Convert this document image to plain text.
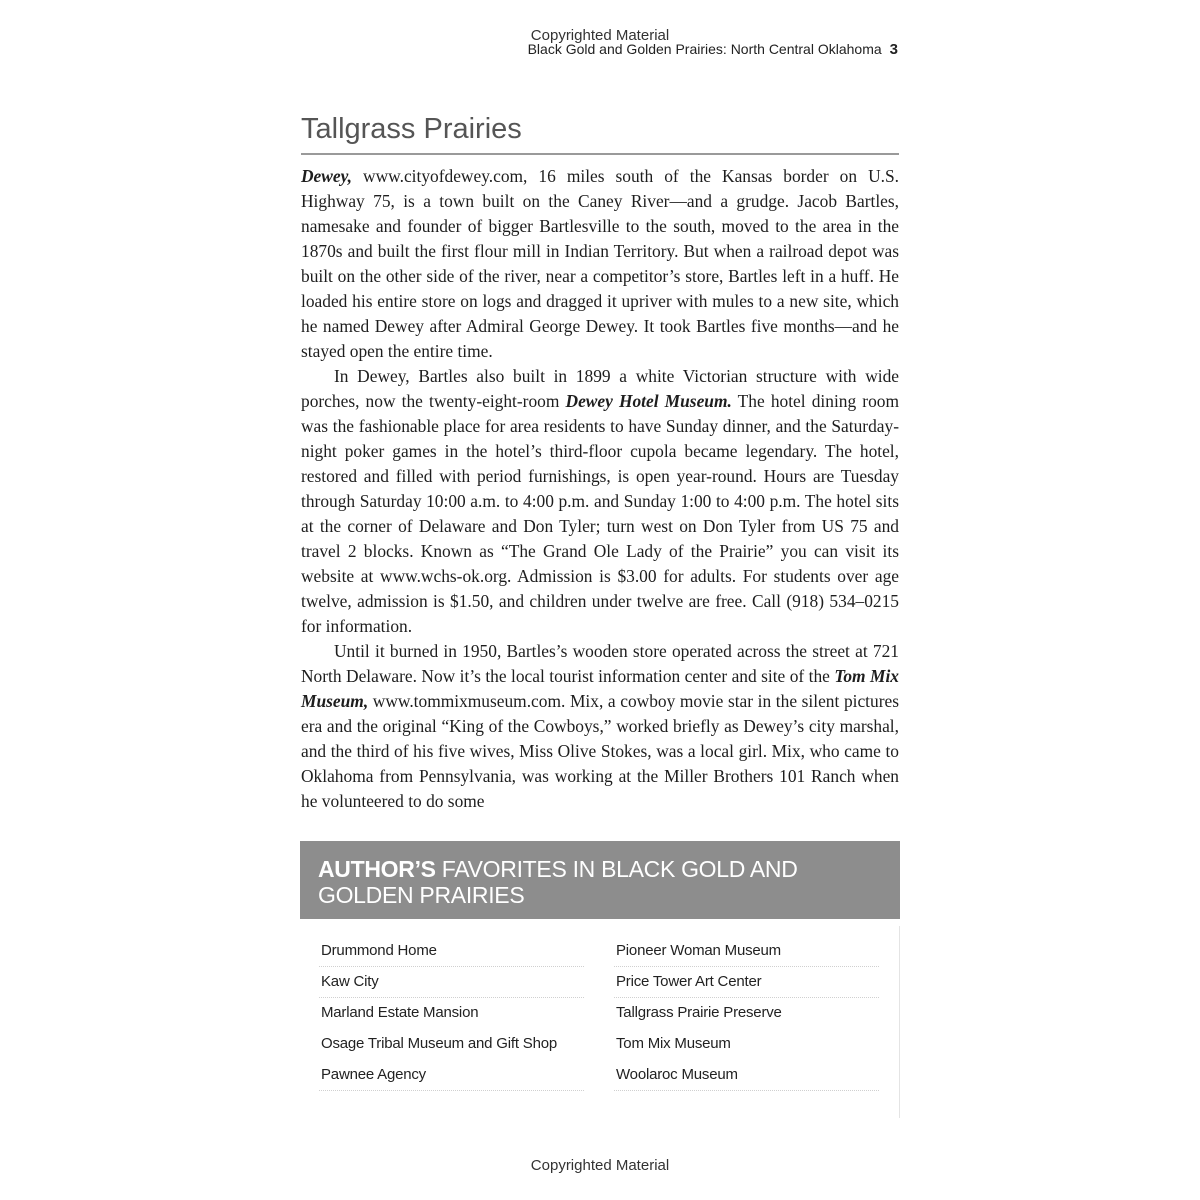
Copyrighted Material
Black Gold and Golden Prairies: North Central Oklahoma 3
Tallgrass Prairies

Dewey, www.cityofdewey.com, 16 miles south of the Kansas border on U.S. Highway 75, is a town built on the Caney River—and a grudge. Jacob Bartles, namesake and founder of bigger Bartlesville to the south, moved to the area in the 1870s and built the first flour mill in Indian Territory. But when a railroad depot was built on the other side of the river, near a competitor’s store, Bartles left in a huff. He loaded his entire store on logs and dragged it upriver with mules to a new site, which he named Dewey after Admiral George Dewey. It took Bartles five months—and he stayed open the entire time.

In Dewey, Bartles also built in 1899 a white Victorian structure with wide porches, now the twenty-eight-room Dewey Hotel Museum. The hotel dining room was the fashionable place for area residents to have Sunday dinner, and the Saturday-night poker games in the hotel’s third-floor cupola became legendary. The hotel, restored and filled with period furnishings, is open year-round. Hours are Tuesday through Saturday 10:00 a.m. to 4:00 p.m. and Sunday 1:00 to 4:00 p.m. The hotel sits at the corner of Delaware and Don Tyler; turn west on Don Tyler from US 75 and travel 2 blocks. Known as “The Grand Ole Lady of the Prairie” you can visit its website at www.wchs-ok.org. Admission is $3.00 for adults. For students over age twelve, admission is $1.50, and children under twelve are free. Call (918) 534–0215 for information.

Until it burned in 1950, Bartles’s wooden store operated across the street at 721 North Delaware. Now it’s the local tourist information center and site of the Tom Mix Museum, www.tommixmuseum.com. Mix, a cowboy movie star in the silent pictures era and the original “King of the Cowboys,” worked briefly as Dewey’s city marshal, and the third of his five wives, Miss Olive Stokes, was a local girl. Mix, who came to Oklahoma from Pennsylvania, was working at the Miller Brothers 101 Ranch when he volunteered to do some

AUTHOR’S FAVORITES IN BLACK GOLD AND GOLDEN PRAIRIES
Drummond Home
Kaw City
Marland Estate Mansion
Osage Tribal Museum and Gift Shop
Pawnee Agency
Pioneer Woman Museum
Price Tower Art Center
Tallgrass Prairie Preserve
Tom Mix Museum
Woolaroc Museum
Copyrighted Material
